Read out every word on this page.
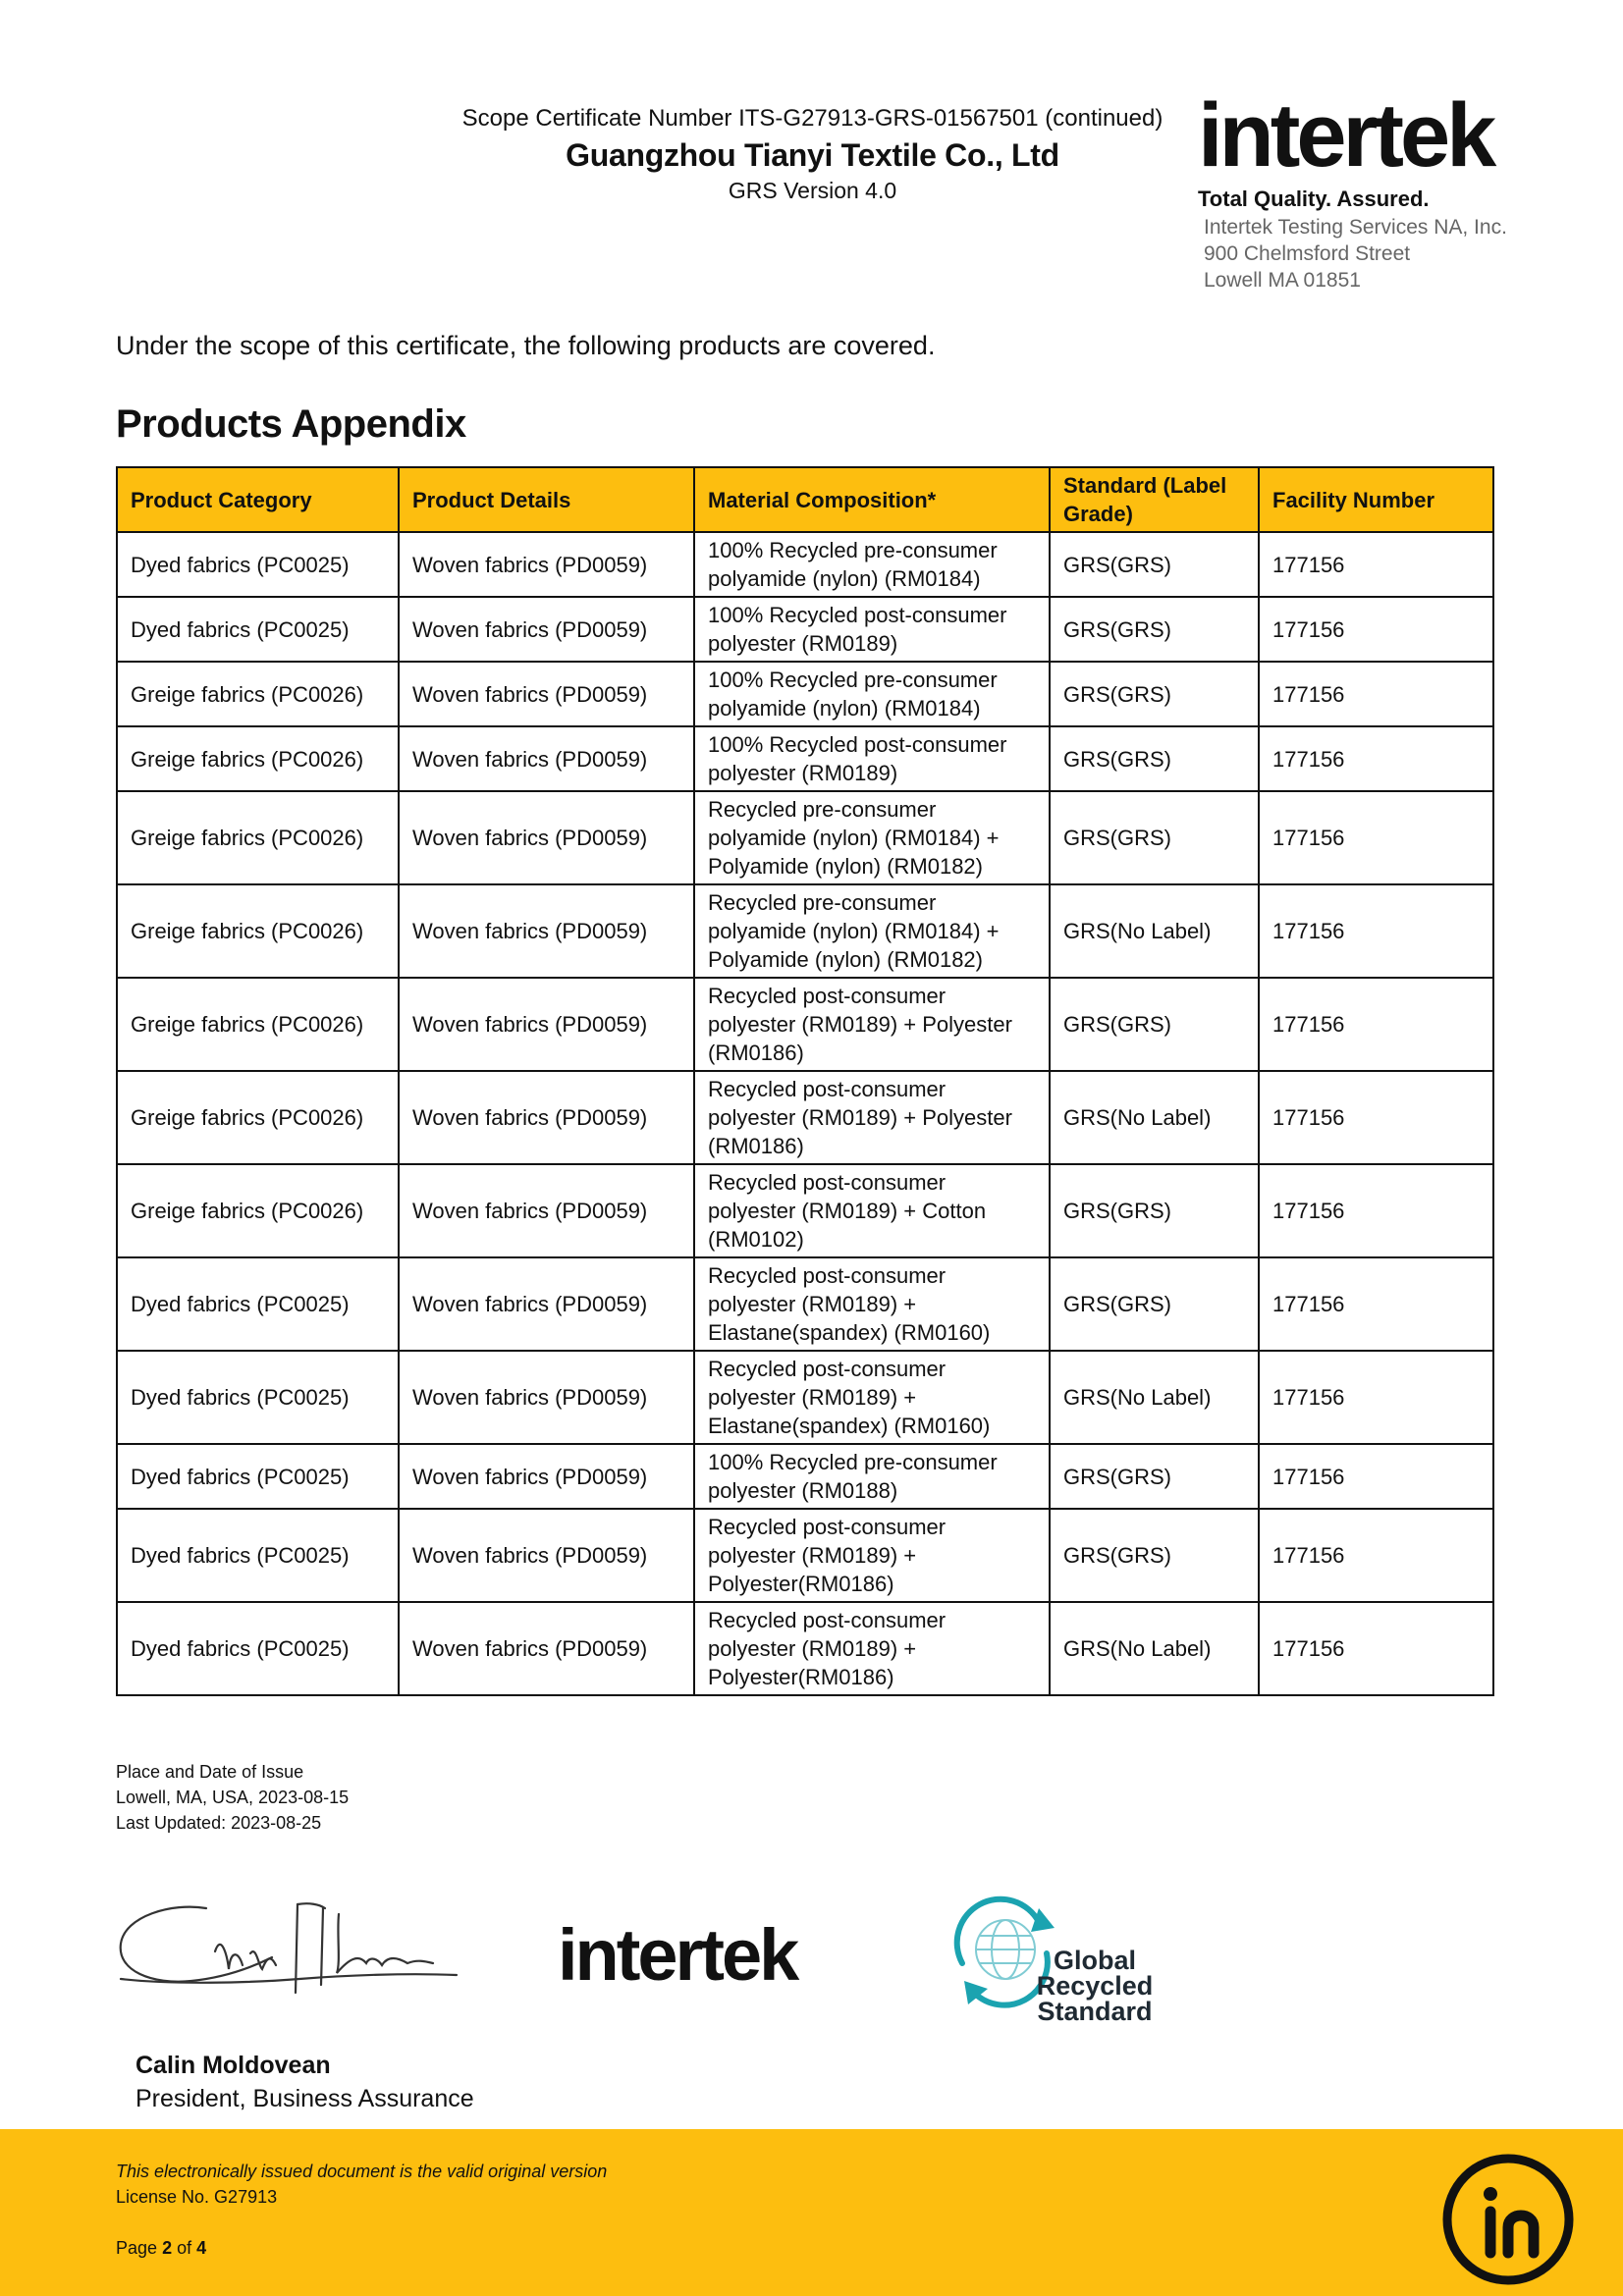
Scope Certificate Number ITS-G27913-GRS-01567501 (continued)
Guangzhou Tianyi Textile Co., Ltd
GRS Version 4.0
intertek
Total Quality. Assured.
Intertek Testing Services NA, Inc.
900 Chelmsford Street
Lowell MA 01851
Under the scope of this certificate, the following products are covered.
Products Appendix
Product Category	Product Details	Material Composition*	Standard (Label Grade)	Facility Number
Dyed fabrics (PC0025)	Woven fabrics (PD0059)	100% Recycled pre-consumer polyamide (nylon) (RM0184)	GRS(GRS)	177156
Dyed fabrics (PC0025)	Woven fabrics (PD0059)	100% Recycled post-consumer polyester (RM0189)	GRS(GRS)	177156
Greige fabrics (PC0026)	Woven fabrics (PD0059)	100% Recycled pre-consumer polyamide (nylon) (RM0184)	GRS(GRS)	177156
Greige fabrics (PC0026)	Woven fabrics (PD0059)	100% Recycled post-consumer polyester (RM0189)	GRS(GRS)	177156
Greige fabrics (PC0026)	Woven fabrics (PD0059)	Recycled pre-consumer polyamide (nylon) (RM0184) + Polyamide (nylon) (RM0182)	GRS(GRS)	177156
Greige fabrics (PC0026)	Woven fabrics (PD0059)	Recycled pre-consumer polyamide (nylon) (RM0184) + Polyamide (nylon) (RM0182)	GRS(No Label)	177156
Greige fabrics (PC0026)	Woven fabrics (PD0059)	Recycled post-consumer polyester (RM0189) + Polyester (RM0186)	GRS(GRS)	177156
Greige fabrics (PC0026)	Woven fabrics (PD0059)	Recycled post-consumer polyester (RM0189) + Polyester (RM0186)	GRS(No Label)	177156
Greige fabrics (PC0026)	Woven fabrics (PD0059)	Recycled post-consumer polyester (RM0189) + Cotton (RM0102)	GRS(GRS)	177156
Dyed fabrics (PC0025)	Woven fabrics (PD0059)	Recycled post-consumer polyester (RM0189) + Elastane(spandex) (RM0160)	GRS(GRS)	177156
Dyed fabrics (PC0025)	Woven fabrics (PD0059)	Recycled post-consumer polyester (RM0189) + Elastane(spandex) (RM0160)	GRS(No Label)	177156
Dyed fabrics (PC0025)	Woven fabrics (PD0059)	100% Recycled pre-consumer polyester (RM0188)	GRS(GRS)	177156
Dyed fabrics (PC0025)	Woven fabrics (PD0059)	Recycled post-consumer polyester (RM0189) + Polyester(RM0186)	GRS(GRS)	177156
Dyed fabrics (PC0025)	Woven fabrics (PD0059)	Recycled post-consumer polyester (RM0189) + Polyester(RM0186)	GRS(No Label)	177156
Place and Date of Issue
Lowell, MA, USA, 2023-08-15
Last Updated: 2023-08-25
intertek	Global Recycled
Standard
Calin Moldovean
President, Business Assurance
This electronically issued document is the valid original version
License No. G27913
Page 2 of 4
